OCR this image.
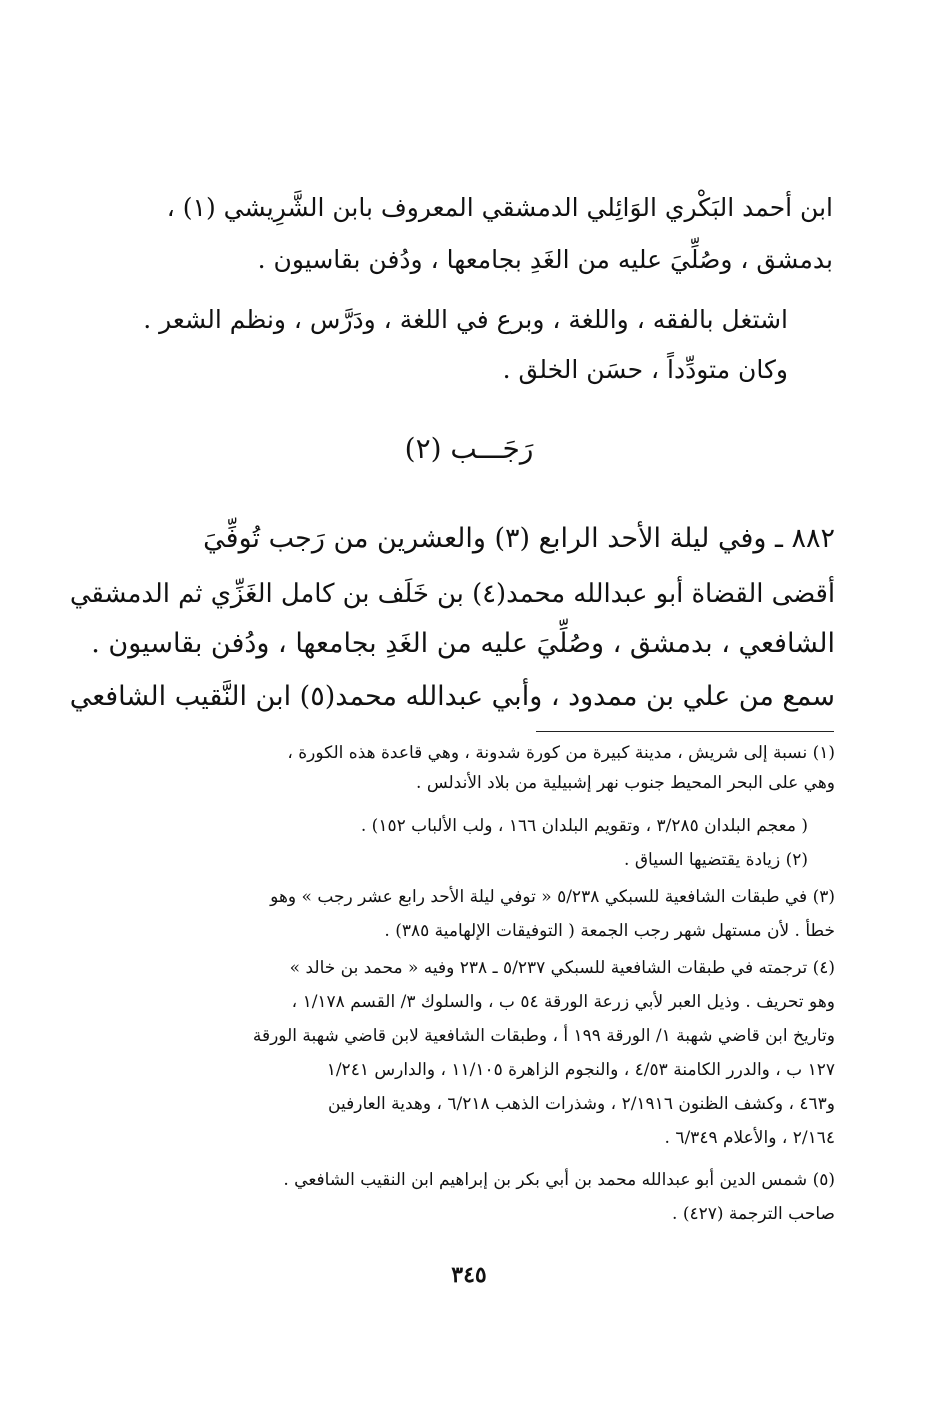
ابن أحمد البَكْري الوَائِلي الدمشقي المعروف بابن الشَّرِيشي (١) ،
بدمشق ، وصُلِّيَ عليه من الغَدِ بجامعها ، ودُفن بقاسيون .
اشتغل بالفقه ، واللغة ، وبرع في اللغة ، ودَرَّس ، ونظم الشعر .
وكان متودِّداً ، حسَن الخلق .
رَجَـــب (٢)
٨٨٢ ـ وفي ليلة الأحد الرابع (٣) والعشرين من رَجب تُوفِّيَ
أقضى القضاة أبو عبدالله محمد(٤) بن خَلَف بن كامل الغَزِّي ثم الدمشقي
الشافعي ، بدمشق ، وصُلِّيَ عليه من الغَدِ بجامعها ، ودُفن بقاسيون .
سمع من علي بن ممدود ، وأبي عبدالله محمد(٥) ابن النَّقيب الشافعي
(١) نسبة إلى شريش ، مدينة كبيرة من كورة شدونة ، وهي قاعدة هذه الكورة ،
وهي على البحر المحيط جنوب نهر إشبيلية من بلاد الأندلس .
( معجم البلدان ٣/٢٨٥ ، وتقويم البلدان ١٦٦ ، ولب الألباب ١٥٢) .
(٢) زيادة يقتضيها السياق .
(٣) في طبقات الشافعية للسبكي ٥/٢٣٨ « توفي ليلة الأحد رابع عشر رجب » وهو
خطأ . لأن مستهل شهر رجب الجمعة ( التوفيقات الإلهامية ٣٨٥) .
(٤) ترجمته في طبقات الشافعية للسبكي ٥/٢٣٧ ـ ٢٣٨ وفيه « محمد بن خالد »
وهو تحريف . وذيل العبر لأبي زرعة الورقة ٥٤ ب ، والسلوك ٣/ القسم ١/١٧٨ ،
وتاريخ ابن قاضي شهبة ١/ الورقة ١٩٩ أ ، وطبقات الشافعية لابن قاضي شهبة الورقة
١٢٧ ب ، والدرر الكامنة ٤/٥٣ ، والنجوم الزاهرة ١١/١٠٥ ، والدارس ١/٢٤١
و٤٦٣ ، وكشف الظنون ٢/١٩١٦ ، وشذرات الذهب ٦/٢١٨ ، وهدية العارفين
٢/١٦٤ ، والأعلام ٦/٣٤٩ .
(٥) شمس الدين أبو عبدالله محمد بن أبي بكر بن إبراهيم ابن النقيب الشافعي .
صاحب الترجمة (٤٢٧) .
٣٤٥
